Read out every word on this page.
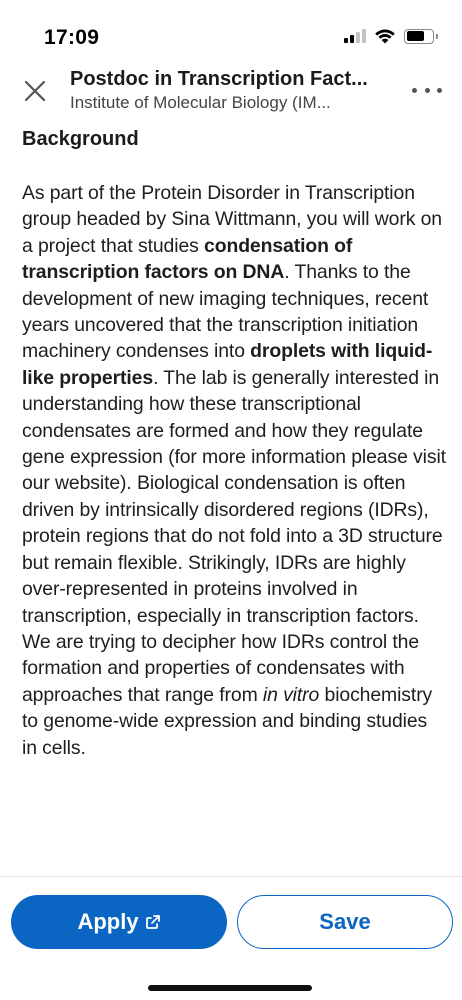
17:09
Postdoc in Transcription Fact...
Institute of Molecular Biology (IM...
Background

As part of the Protein Disorder in Transcription group headed by Sina Wittmann, you will work on a project that studies condensation of transcription factors on DNA. Thanks to the development of new imaging techniques, recent years uncovered that the transcription initiation machinery condenses into droplets with liquid-like properties. The lab is generally interested in understanding how these transcriptional condensates are formed and how they regulate gene expression (for more information please visit our website). Biological condensation is often driven by intrinsically disordered regions (IDRs), protein regions that do not fold into a 3D structure but remain flexible. Strikingly, IDRs are highly over-represented in proteins involved in transcription, especially in transcription factors. We are trying to decipher how IDRs control the formation and properties of condensates with approaches that range from in vitro biochemistry to genome-wide expression and binding studies in cells.

Apply	Save
